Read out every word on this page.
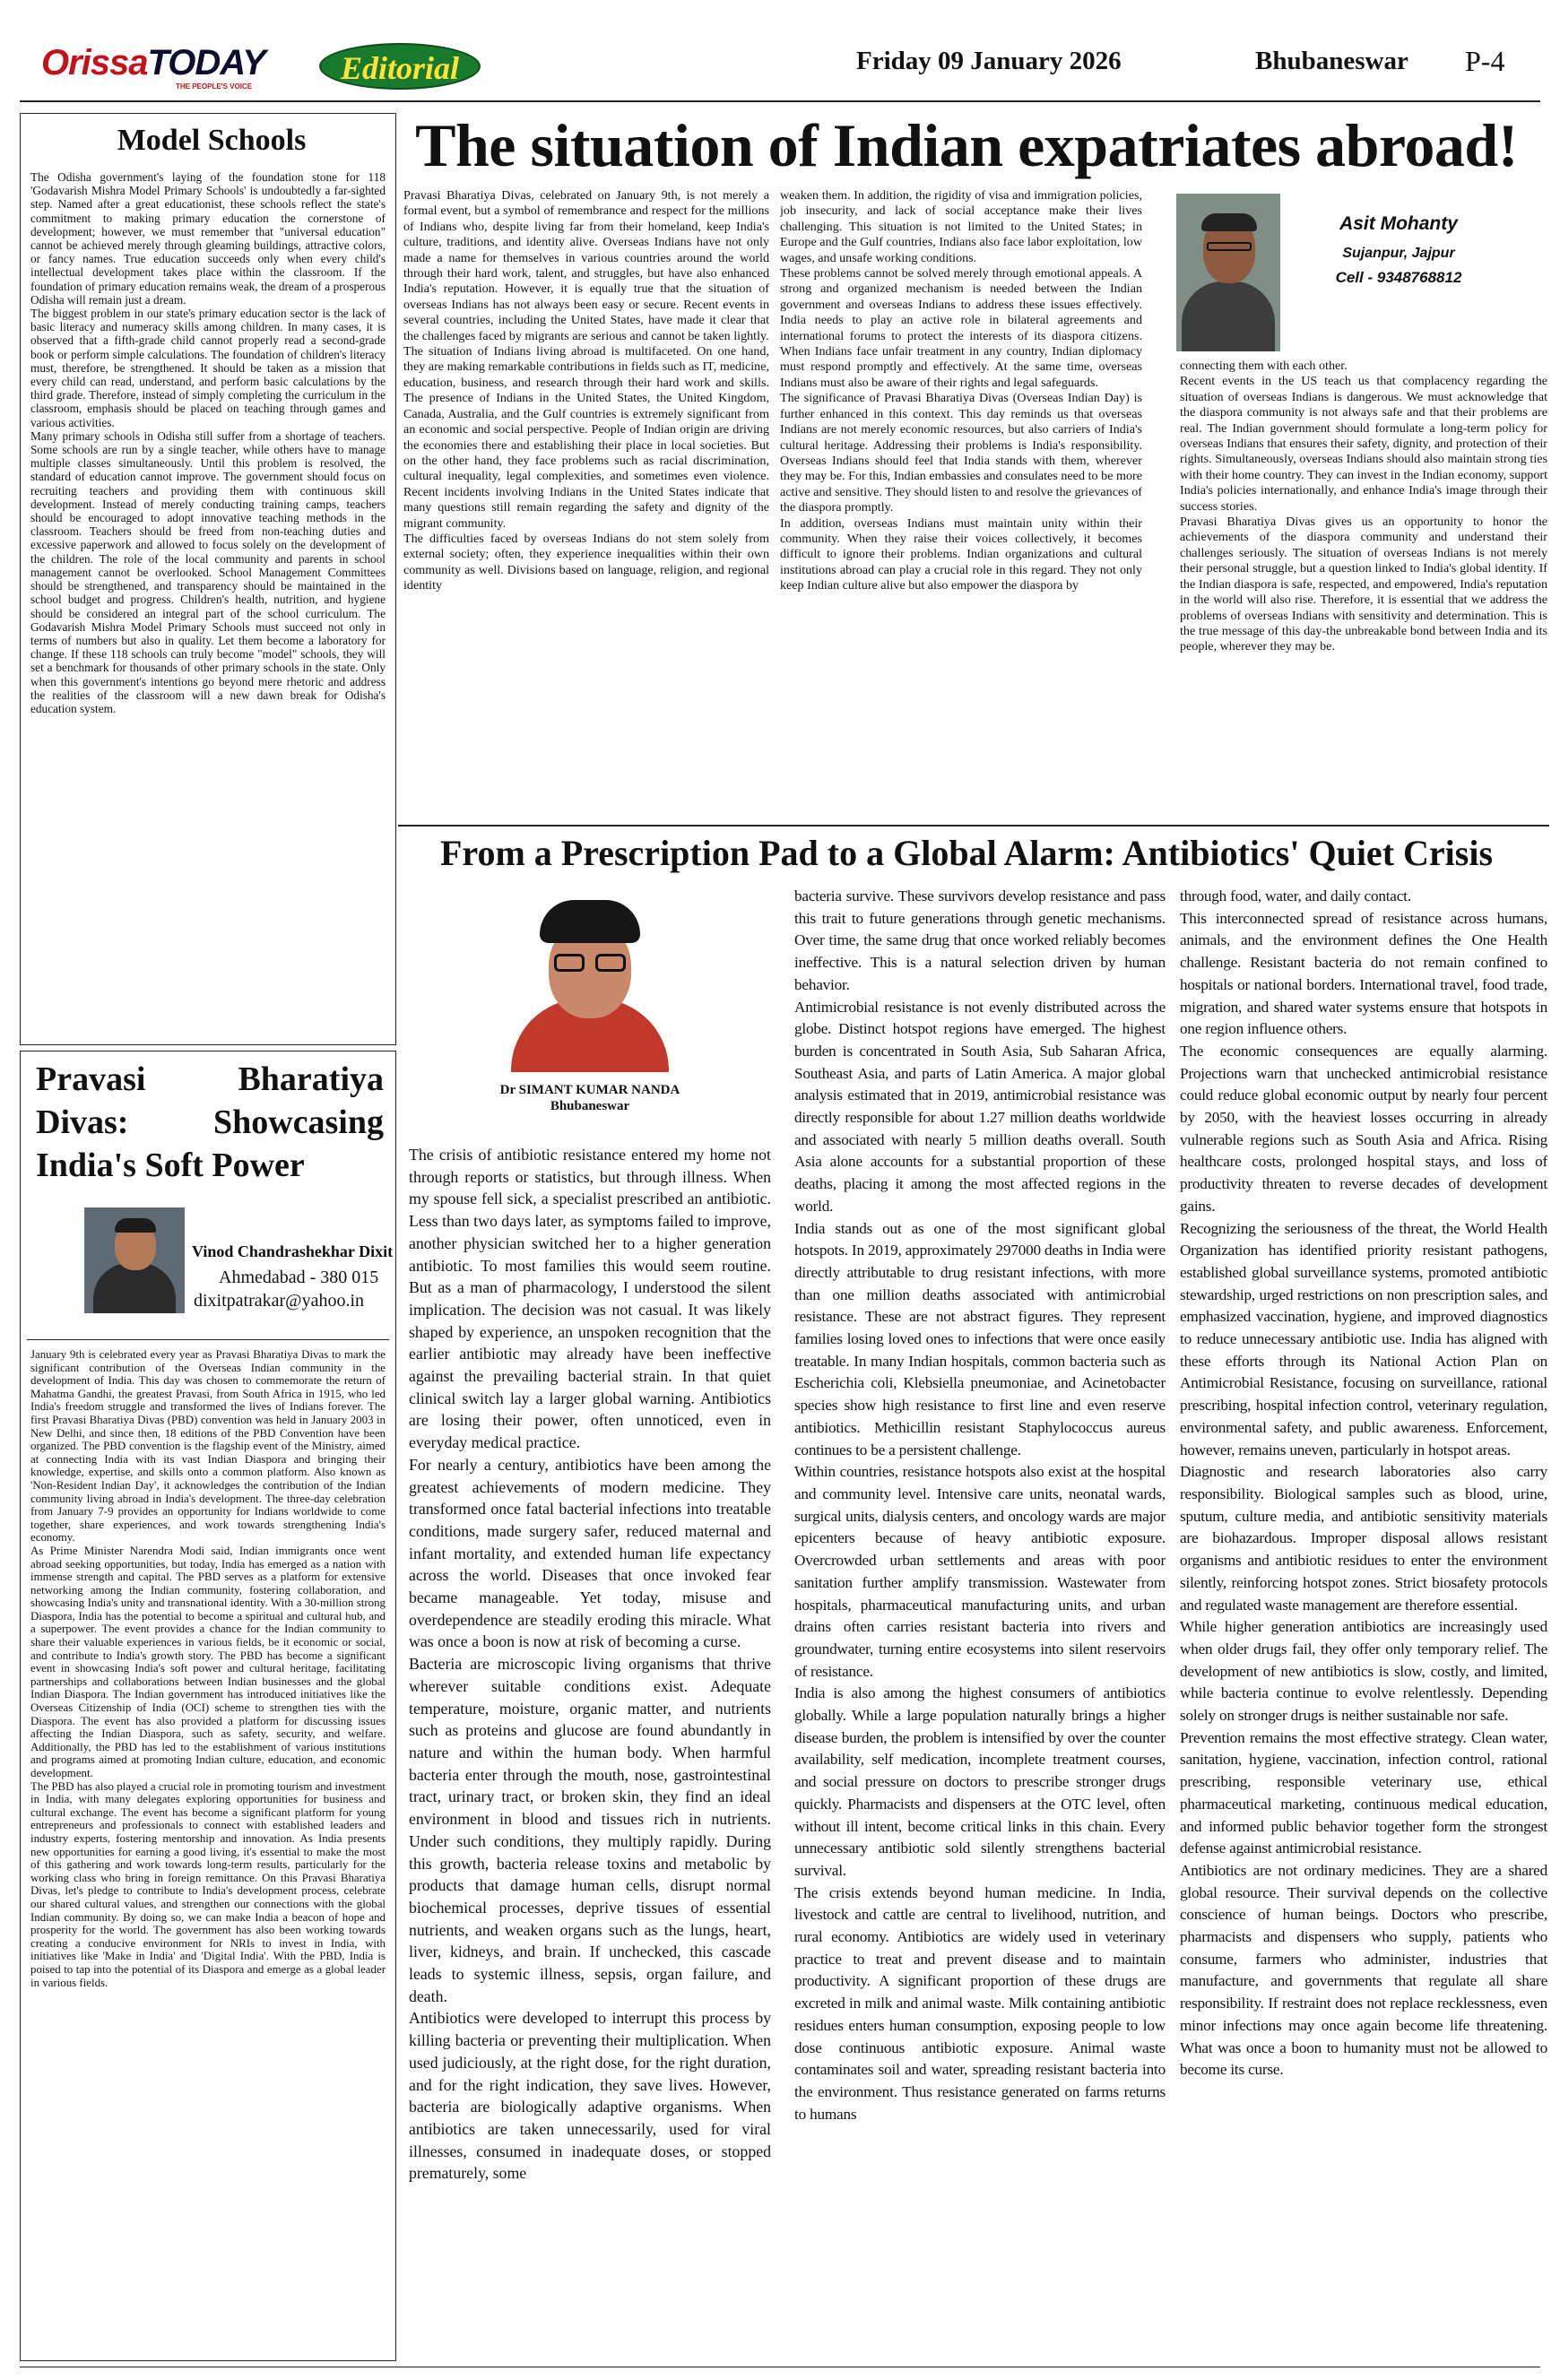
OrissaTODAY
THE PEOPLE'S VOICE
Editorial	Friday 09 January 2026	Bhubaneswar P-4
Model Schools

The Odisha government's laying of the foundation stone for 118 'Godavarish Mishra Model Primary Schools' is undoubtedly a far-sighted step. Named after a great educationist, these schools reflect the state's commitment to making primary education the cornerstone of development; however, we must remember that "universal education" cannot be achieved merely through gleaming buildings, attractive colors, or fancy names. True education succeeds only when every child's intellectual development takes place within the classroom. If the foundation of primary education remains weak, the dream of a prosperous Odisha will remain just a dream.
The biggest problem in our state's primary education sector is the lack of basic literacy and numeracy skills among children. In many cases, it is observed that a fifth-grade child cannot properly read a second-grade book or perform simple calculations. The foundation of children's literacy must, therefore, be strengthened. It should be taken as a mission that every child can read, understand, and perform basic calculations by the third grade. Therefore, instead of simply completing the curriculum in the classroom, emphasis should be placed on teaching through games and various activities.
Many primary schools in Odisha still suffer from a shortage of teachers. Some schools are run by a single teacher, while others have to manage multiple classes simultaneously. Until this problem is resolved, the standard of education cannot improve. The government should focus on recruiting teachers and providing them with continuous skill development. Instead of merely conducting training camps, teachers should be encouraged to adopt innovative teaching methods in the classroom. Teachers should be freed from non-teaching duties and excessive paperwork and allowed to focus solely on the development of the children. The role of the local community and parents in school management cannot be overlooked. School Management Committees should be strengthened, and transparency should be maintained in the school budget and progress. Children's health, nutrition, and hygiene should be considered an integral part of the school curriculum. The Godavarish Mishra Model Primary Schools must succeed not only in terms of numbers but also in quality. Let them become a laboratory for change. If these 118 schools can truly become "model" schools, they will set a benchmark for thousands of other primary schools in the state. Only when this government's intentions go beyond mere rhetoric and address the realities of the classroom will a new dawn break for Odisha's education system.

Pravasi Bharatiya Divas: Showcasing India's Soft Power
Vinod Chandrashekhar Dixit
Ahmedabad - 380 015
dixitpatrakar@yahoo.in

January 9th is celebrated every year as Pravasi Bharatiya Divas to mark the significant contribution of the Overseas Indian community in the development of India. This day was chosen to commemorate the return of Mahatma Gandhi, the greatest Pravasi, from South Africa in 1915, who led India's freedom struggle and transformed the lives of Indians forever. The first Pravasi Bharatiya Divas (PBD) convention was held in January 2003 in New Delhi, and since then, 18 editions of the PBD Convention have been organized. The PBD convention is the flagship event of the Ministry, aimed at connecting India with its vast Indian Diaspora and bringing their knowledge, expertise, and skills onto a common platform. Also known as 'Non-Resident Indian Day', it acknowledges the contribution of the Indian community living abroad in India's development. The three-day celebration from January 7-9 provides an opportunity for Indians worldwide to come together, share experiences, and work towards strengthening India's economy.
As Prime Minister Narendra Modi said, Indian immigrants once went abroad seeking opportunities, but today, India has emerged as a nation with immense strength and capital. The PBD serves as a platform for extensive networking among the Indian community, fostering collaboration, and showcasing India's unity and transnational identity. With a 30-million strong Diaspora, India has the potential to become a spiritual and cultural hub, and a superpower. The event provides a chance for the Indian community to share their valuable experiences in various fields, be it economic or social, and contribute to India's growth story. The PBD has become a significant event in showcasing India's soft power and cultural heritage, facilitating partnerships and collaborations between Indian businesses and the global Indian Diaspora. The Indian government has introduced initiatives like the Overseas Citizenship of India (OCI) scheme to strengthen ties with the Diaspora. The event has also provided a platform for discussing issues affecting the Indian Diaspora, such as safety, security, and welfare. Additionally, the PBD has led to the establishment of various institutions and programs aimed at promoting Indian culture, education, and economic development.
The PBD has also played a crucial role in promoting tourism and investment in India, with many delegates exploring opportunities for business and cultural exchange. The event has become a significant platform for young entrepreneurs and professionals to connect with established leaders and industry experts, fostering mentorship and innovation. As India presents new opportunities for earning a good living, it's essential to make the most of this gathering and work towards long-term results, particularly for the working class who bring in foreign remittance. On this Pravasi Bharatiya Divas, let's pledge to contribute to India's development process, celebrate our shared cultural values, and strengthen our connections with the global Indian community. By doing so, we can make India a beacon of hope and prosperity for the world. The government has also been working towards creating a conducive environment for NRIs to invest in India, with initiatives like 'Make in India' and 'Digital India'. With the PBD, India is poised to tap into the potential of its Diaspora and emerge as a global leader in various fields.

The situation of Indian expatriates abroad!

Pravasi Bharatiya Divas, celebrated on January 9th, is not merely a formal event, but a symbol of remembrance and respect for the millions of Indians who, despite living far from their homeland, keep India's culture, traditions, and identity alive. Overseas Indians have not only made a name for themselves in various countries around the world through their hard work, talent, and struggles, but have also enhanced India's reputation. However, it is equally true that the situation of overseas Indians has not always been easy or secure. Recent events in several countries, including the United States, have made it clear that the challenges faced by migrants are serious and cannot be taken lightly.
The situation of Indians living abroad is multifaceted. On one hand, they are making remarkable contributions in fields such as IT, medicine, education, business, and research through their hard work and skills. The presence of Indians in the United States, the United Kingdom, Canada, Australia, and the Gulf countries is extremely significant from an economic and social perspective. People of Indian origin are driving the economies there and establishing their place in local societies. But on the other hand, they face problems such as racial discrimination, cultural inequality, legal complexities, and sometimes even violence. Recent incidents involving Indians in the United States indicate that many questions still remain regarding the safety and dignity of the migrant community.
The difficulties faced by overseas Indians do not stem solely from external society; often, they experience inequalities within their own community as well. Divisions based on language, religion, and regional identity

weaken them. In addition, the rigidity of visa and immigration policies, job insecurity, and lack of social acceptance make their lives challenging. This situation is not limited to the United States; in Europe and the Gulf countries, Indians also face labor exploitation, low wages, and unsafe working conditions.
These problems cannot be solved merely through emotional appeals. A strong and organized mechanism is needed between the Indian government and overseas Indians to address these issues effectively. India needs to play an active role in bilateral agreements and international forums to protect the interests of its diaspora citizens. When Indians face unfair treatment in any country, Indian diplomacy must respond promptly and effectively. At the same time, overseas Indians must also be aware of their rights and legal safeguards.
The significance of Pravasi Bharatiya Divas (Overseas Indian Day) is further enhanced in this context. This day reminds us that overseas Indians are not merely economic resources, but also carriers of India's cultural heritage. Addressing their problems is India's responsibility. Overseas Indians should feel that India stands with them, wherever they may be. For this, Indian embassies and consulates need to be more active and sensitive. They should listen to and resolve the grievances of the diaspora promptly.
In addition, overseas Indians must maintain unity within their community. When they raise their voices collectively, it becomes difficult to ignore their problems. Indian organizations and cultural institutions abroad can play a crucial role in this regard. They not only keep Indian culture alive but also empower the diaspora by

Asit Mohanty
Sujanpur, Jajpur
Cell - 9348768812

connecting them with each other.
Recent events in the US teach us that complacency regarding the situation of overseas Indians is dangerous. We must acknowledge that the diaspora community is not always safe and that their problems are real. The Indian government should formulate a long-term policy for overseas Indians that ensures their safety, dignity, and protection of their rights. Simultaneously, overseas Indians should also maintain strong ties with their home country. They can invest in the Indian economy, support India's policies internationally, and enhance India's image through their success stories.
Pravasi Bharatiya Divas gives us an opportunity to honor the achievements of the diaspora community and understand their challenges seriously. The situation of overseas Indians is not merely their personal struggle, but a question linked to India's global identity. If the Indian diaspora is safe, respected, and empowered, India's reputation in the world will also rise. Therefore, it is essential that we address the problems of overseas Indians with sensitivity and determination. This is the true message of this day-the unbreakable bond between India and its people, wherever they may be.

From a Prescription Pad to a Global Alarm: Antibiotics' Quiet Crisis
Dr SIMANT KUMAR NANDA
Bhubaneswar

The crisis of antibiotic resistance entered my home not through reports or statistics, but through illness. When my spouse fell sick, a specialist prescribed an antibiotic. Less than two days later, as symptoms failed to improve, another physician switched her to a higher generation antibiotic. To most families this would seem routine. But as a man of pharmacology, I understood the silent implication. The decision was not casual. It was likely shaped by experience, an unspoken recognition that the earlier antibiotic may already have been ineffective against the prevailing bacterial strain. In that quiet clinical switch lay a larger global warning. Antibiotics are losing their power, often unnoticed, even in everyday medical practice.
For nearly a century, antibiotics have been among the greatest achievements of modern medicine. They transformed once fatal bacterial infections into treatable conditions, made surgery safer, reduced maternal and infant mortality, and extended human life expectancy across the world. Diseases that once invoked fear became manageable. Yet today, misuse and overdependence are steadily eroding this miracle. What was once a boon is now at risk of becoming a curse.
Bacteria are microscopic living organisms that thrive wherever suitable conditions exist. Adequate temperature, moisture, organic matter, and nutrients such as proteins and glucose are found abundantly in nature and within the human body. When harmful bacteria enter through the mouth, nose, gastrointestinal tract, urinary tract, or broken skin, they find an ideal environment in blood and tissues rich in nutrients. Under such conditions, they multiply rapidly. During this growth, bacteria release toxins and metabolic by products that damage human cells, disrupt normal biochemical processes, deprive tissues of essential nutrients, and weaken organs such as the lungs, heart, liver, kidneys, and brain. If unchecked, this cascade leads to systemic illness, sepsis, organ failure, and death.
Antibiotics were developed to interrupt this process by killing bacteria or preventing their multiplication. When used judiciously, at the right dose, for the right duration, and for the right indication, they save lives. However, bacteria are biologically adaptive organisms. When antibiotics are taken unnecessarily, used for viral illnesses, consumed in inadequate doses, or stopped prematurely, some

bacteria survive. These survivors develop resistance and pass this trait to future generations through genetic mechanisms. Over time, the same drug that once worked reliably becomes ineffective. This is a natural selection driven by human behavior.
Antimicrobial resistance is not evenly distributed across the globe. Distinct hotspot regions have emerged. The highest burden is concentrated in South Asia, Sub Saharan Africa, Southeast Asia, and parts of Latin America. A major global analysis estimated that in 2019, antimicrobial resistance was directly responsible for about 1.27 million deaths worldwide and associated with nearly 5 million deaths overall. South Asia alone accounts for a substantial proportion of these deaths, placing it among the most affected regions in the world.
India stands out as one of the most significant global hotspots. In 2019, approximately 297000 deaths in India were directly attributable to drug resistant infections, with more than one million deaths associated with antimicrobial resistance. These are not abstract figures. They represent families losing loved ones to infections that were once easily treatable. In many Indian hospitals, common bacteria such as Escherichia coli, Klebsiella pneumoniae, and Acinetobacter species show high resistance to first line and even reserve antibiotics. Methicillin resistant Staphylococcus aureus continues to be a persistent challenge.
Within countries, resistance hotspots also exist at the hospital and community level. Intensive care units, neonatal wards, surgical units, dialysis centers, and oncology wards are major epicenters because of heavy antibiotic exposure. Overcrowded urban settlements and areas with poor sanitation further amplify transmission. Wastewater from hospitals, pharmaceutical manufacturing units, and urban drains often carries resistant bacteria into rivers and groundwater, turning entire ecosystems into silent reservoirs of resistance.
India is also among the highest consumers of antibiotics globally. While a large population naturally brings a higher disease burden, the problem is intensified by over the counter availability, self medication, incomplete treatment courses, and social pressure on doctors to prescribe stronger drugs quickly. Pharmacists and dispensers at the OTC level, often without ill intent, become critical links in this chain. Every unnecessary antibiotic sold silently strengthens bacterial survival.
The crisis extends beyond human medicine. In India, livestock and cattle are central to livelihood, nutrition, and rural economy. Antibiotics are widely used in veterinary practice to treat and prevent disease and to maintain productivity. A significant proportion of these drugs are excreted in milk and animal waste. Milk containing antibiotic residues enters human consumption, exposing people to low dose continuous antibiotic exposure. Animal waste contaminates soil and water, spreading resistant bacteria into the environment. Thus resistance generated on farms returns to humans

through food, water, and daily contact.
This interconnected spread of resistance across humans, animals, and the environment defines the One Health challenge. Resistant bacteria do not remain confined to hospitals or national borders. International travel, food trade, migration, and shared water systems ensure that hotspots in one region influence others.
The economic consequences are equally alarming. Projections warn that unchecked antimicrobial resistance could reduce global economic output by nearly four percent by 2050, with the heaviest losses occurring in already vulnerable regions such as South Asia and Africa. Rising healthcare costs, prolonged hospital stays, and loss of productivity threaten to reverse decades of development gains.
Recognizing the seriousness of the threat, the World Health Organization has identified priority resistant pathogens, established global surveillance systems, promoted antibiotic stewardship, urged restrictions on non prescription sales, and emphasized vaccination, hygiene, and improved diagnostics to reduce unnecessary antibiotic use. India has aligned with these efforts through its National Action Plan on Antimicrobial Resistance, focusing on surveillance, rational prescribing, hospital infection control, veterinary regulation, environmental safety, and public awareness. Enforcement, however, remains uneven, particularly in hotspot areas.
Diagnostic and research laboratories also carry responsibility. Biological samples such as blood, urine, sputum, culture media, and antibiotic sensitivity materials are biohazardous. Improper disposal allows resistant organisms and antibiotic residues to enter the environment silently, reinforcing hotspot zones. Strict biosafety protocols and regulated waste management are therefore essential.
While higher generation antibiotics are increasingly used when older drugs fail, they offer only temporary relief. The development of new antibiotics is slow, costly, and limited, while bacteria continue to evolve relentlessly. Depending solely on stronger drugs is neither sustainable nor safe.
Prevention remains the most effective strategy. Clean water, sanitation, hygiene, vaccination, infection control, rational prescribing, responsible veterinary use, ethical pharmaceutical marketing, continuous medical education, and informed public behavior together form the strongest defense against antimicrobial resistance.
Antibiotics are not ordinary medicines. They are a shared global resource. Their survival depends on the collective conscience of human beings. Doctors who prescribe, pharmacists and dispensers who supply, patients who consume, farmers who administer, industries that manufacture, and governments that regulate all share responsibility. If restraint does not replace recklessness, even minor infections may once again become life threatening. What was once a boon to humanity must not be allowed to become its curse.
